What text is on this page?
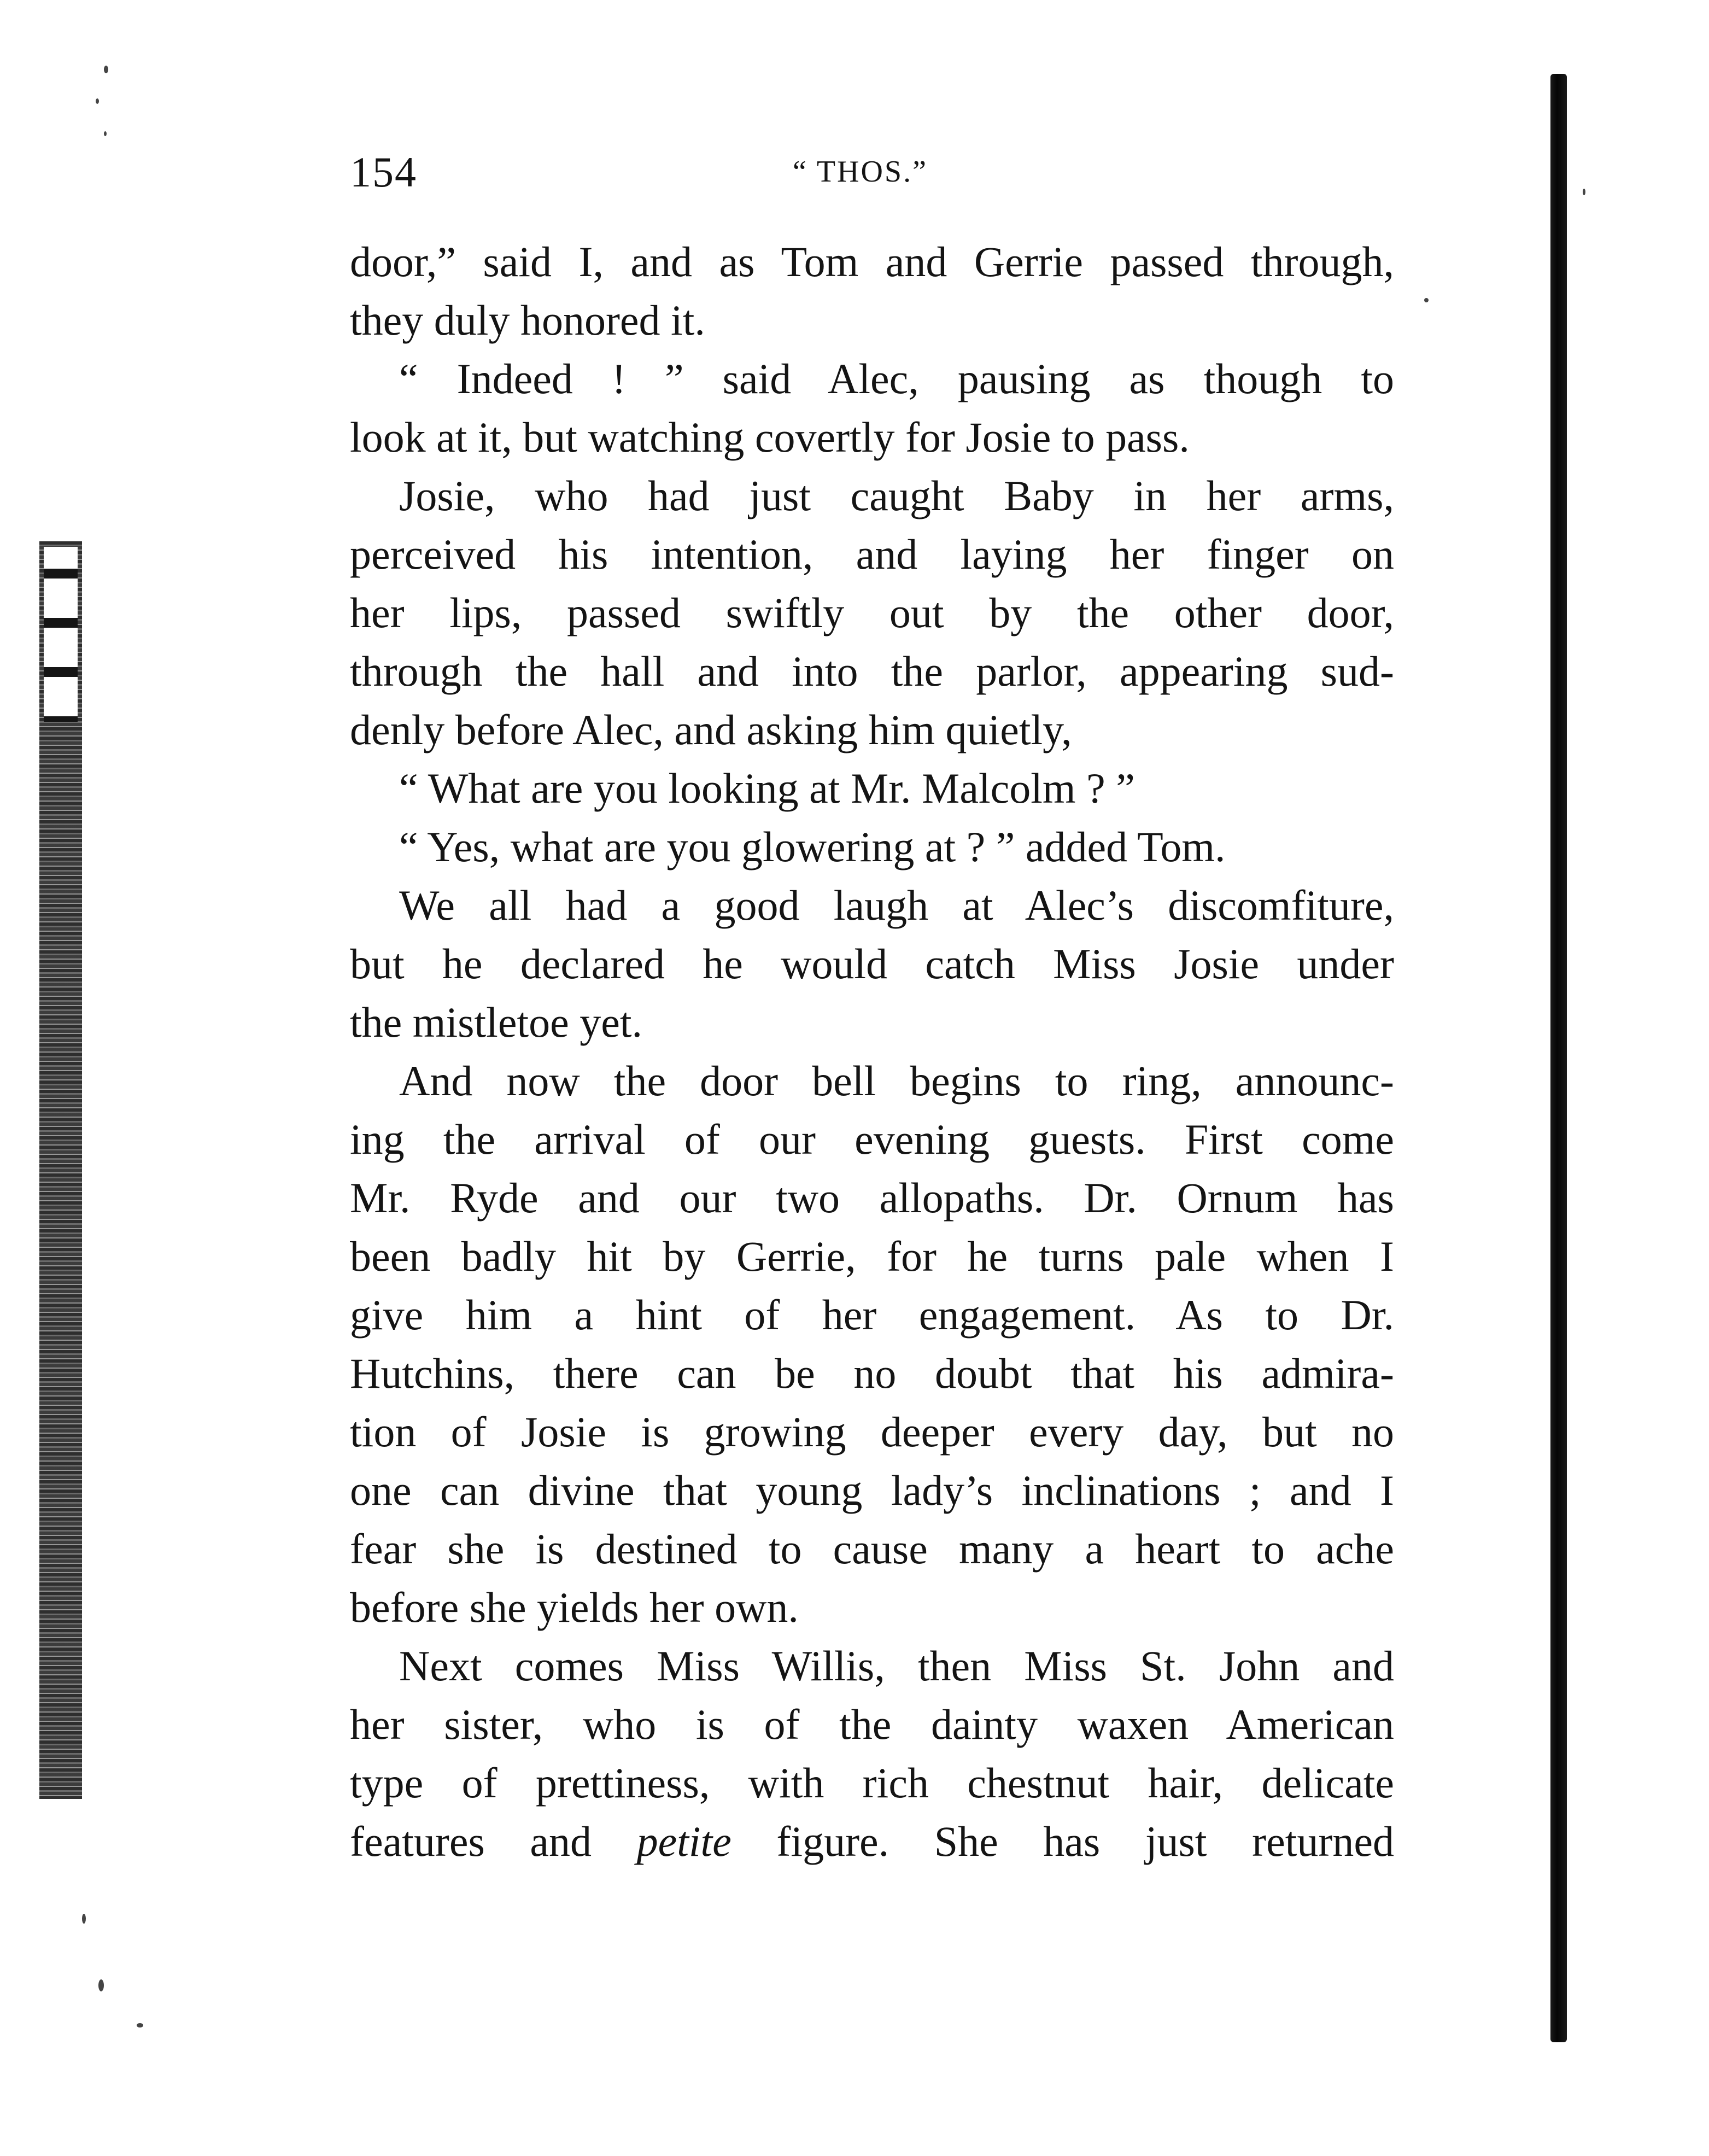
154	“ THOS.”
door,” said I, and as Tom and Gerrie passed through,
they duly honored it.
“ Indeed ! ” said Alec, pausing as though to
look at it, but watching covertly for Josie to pass.
Josie, who had just caught Baby in her arms,
perceived his intention, and laying her finger on
her lips, passed swiftly out by the other door,
through the hall and into the parlor, appearing sud-
denly before Alec, and asking him quietly,
“ What are you looking at Mr. Malcolm ? ”
“ Yes, what are you glowering at ? ” added Tom.
We all had a good laugh at Alec’s discomfiture,
but he declared he would catch Miss Josie under
the mistletoe yet.
And now the door bell begins to ring, announc-
ing the arrival of our evening guests. First come
Mr. Ryde and our two allopaths. Dr. Ornum has
been badly hit by Gerrie, for he turns pale when I
give him a hint of her engagement. As to Dr.
Hutchins, there can be no doubt that his admira-
tion of Josie is growing deeper every day, but no
one can divine that young lady’s inclinations ; and I
fear she is destined to cause many a heart to ache
before she yields her own.
Next comes Miss Willis, then Miss St. John and
her sister, who is of the dainty waxen American
type of prettiness, with rich chestnut hair, delicate
features and petite figure. She has just returned
